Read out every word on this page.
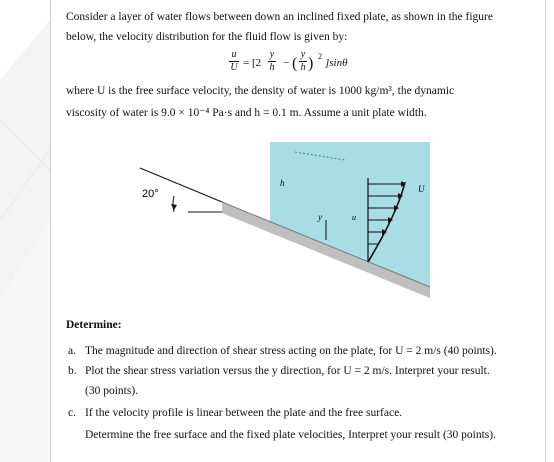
Consider a layer of water flows between down an inclined fixed plate, as shown in the figure
below, the velocity distribution for the fluid flow is given by:
u
U = [2
y
h − (
y
h ) 2
]sinθ
where U is the free surface velocity, the density of water is 1000 kg/m³, the dynamic
viscosity of water is 9.0 × 10⁻⁴ Pa·s and h = 0.1 m. Assume a unit plate width.
20°
h
y	u
U
Determine:
a. The magnitude and direction of shear stress acting on the plate, for U = 2 m/s (40 points).
b. Plot the shear stress variation versus the y direction, for U = 2 m/s. Interpret your result.
(30 points).
c. If the velocity profile is linear between the plate and the free surface.
Determine the free surface and the fixed plate velocities, Interpret your result (30 points).
